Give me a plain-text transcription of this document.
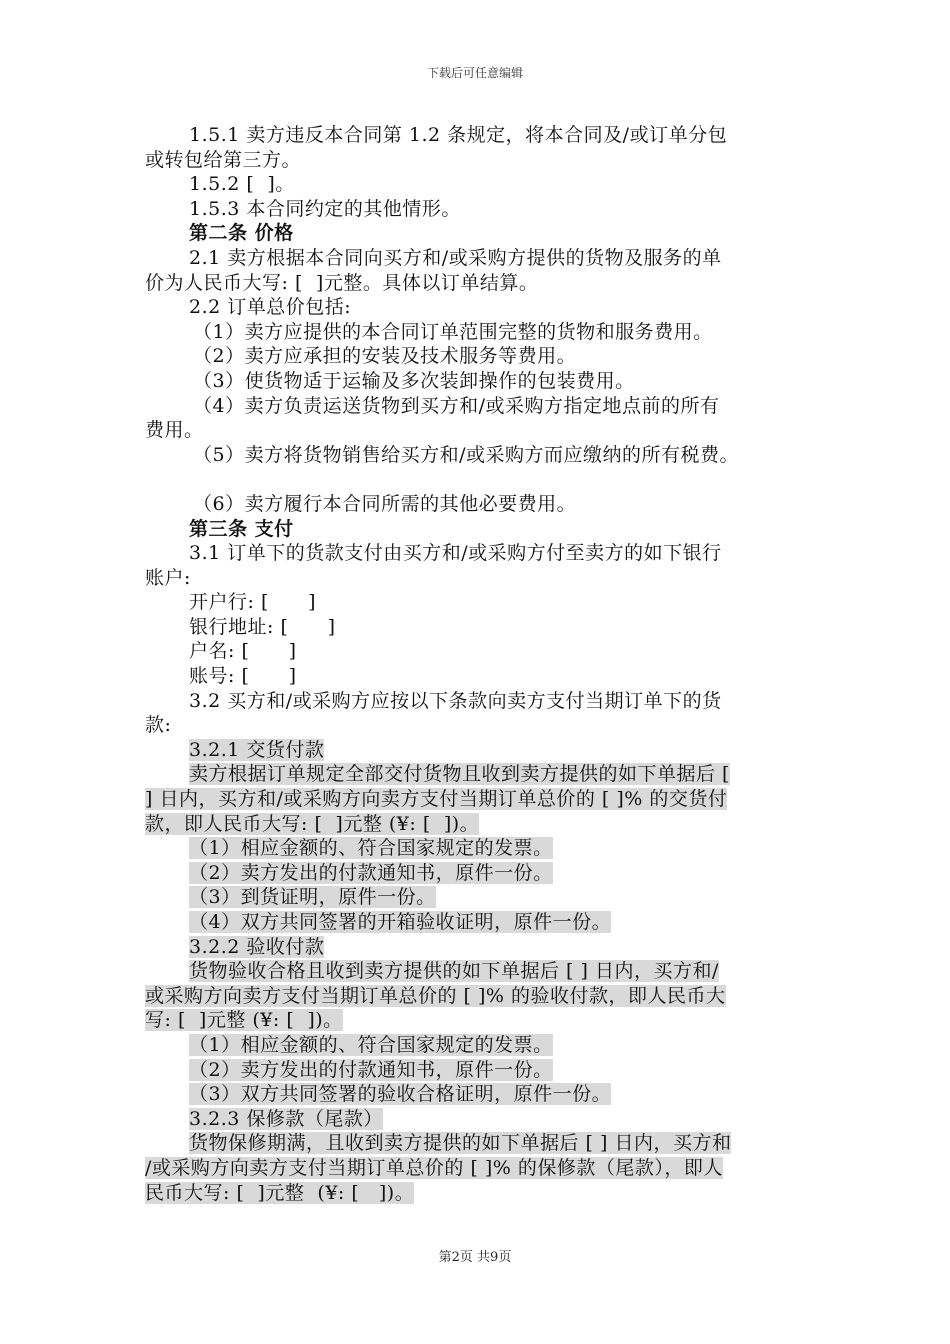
下载后可任意编辑
1.5.1 卖方违反本合同第 1.2 条规定，将本合同及/或订单分包
或转包给第三方。
1.5.2 [  ]。
1.5.3 本合同约定的其他情形。
第二条 价格
2.1 卖方根据本合同向买方和/或采购方提供的货物及服务的单
价为人民币大写: [  ]元整。具体以订单结算。
2.2 订单总价包括:
（1）卖方应提供的本合同订单范围完整的货物和服务费用。
（2）卖方应承担的安装及技术服务等费用。
（3）使货物适于运输及多次装卸操作的包装费用。
（4）卖方负责运送货物到买方和/或采购方指定地点前的所有
费用。
（5）卖方将货物销售给买方和/或采购方而应缴纳的所有税费。
（6）卖方履行本合同所需的其他必要费用。
第三条 支付
3.1 订单下的货款支付由买方和/或采购方付至卖方的如下银行
账户:
开户行: [      ]
银行地址: [      ]
户名: [      ]
账号: [      ]
3.2 买方和/或采购方应按以下条款向卖方支付当期订单下的货
款:
3.2.1 交货付款
卖方根据订单规定全部交付货物且收到卖方提供的如下单据后 [
] 日内，买方和/或采购方向卖方支付当期订单总价的 [ ]% 的交货付
款，即人民币大写: [  ]元整 (¥: [  ])。
（1）相应金额的、符合国家规定的发票。
（2）卖方发出的付款通知书，原件一份。
（3）到货证明，原件一份。
（4）双方共同签署的开箱验收证明，原件一份。
3.2.2 验收付款
货物验收合格且收到卖方提供的如下单据后 [ ] 日内，买方和/
或采购方向卖方支付当期订单总价的 [ ]% 的验收付款，即人民币大
写: [  ]元整 (¥: [  ])。
（1）相应金额的、符合国家规定的发票。
（2）卖方发出的付款通知书，原件一份。
（3）双方共同签署的验收合格证明，原件一份。
3.2.3 保修款（尾款）
货物保修期满，且收到卖方提供的如下单据后 [ ] 日内，买方和
/或采购方向卖方支付当期订单总价的 [ ]% 的保修款（尾款），即人
民币大写: [  ]元整  (¥: [   ])。
第2页 共9页
